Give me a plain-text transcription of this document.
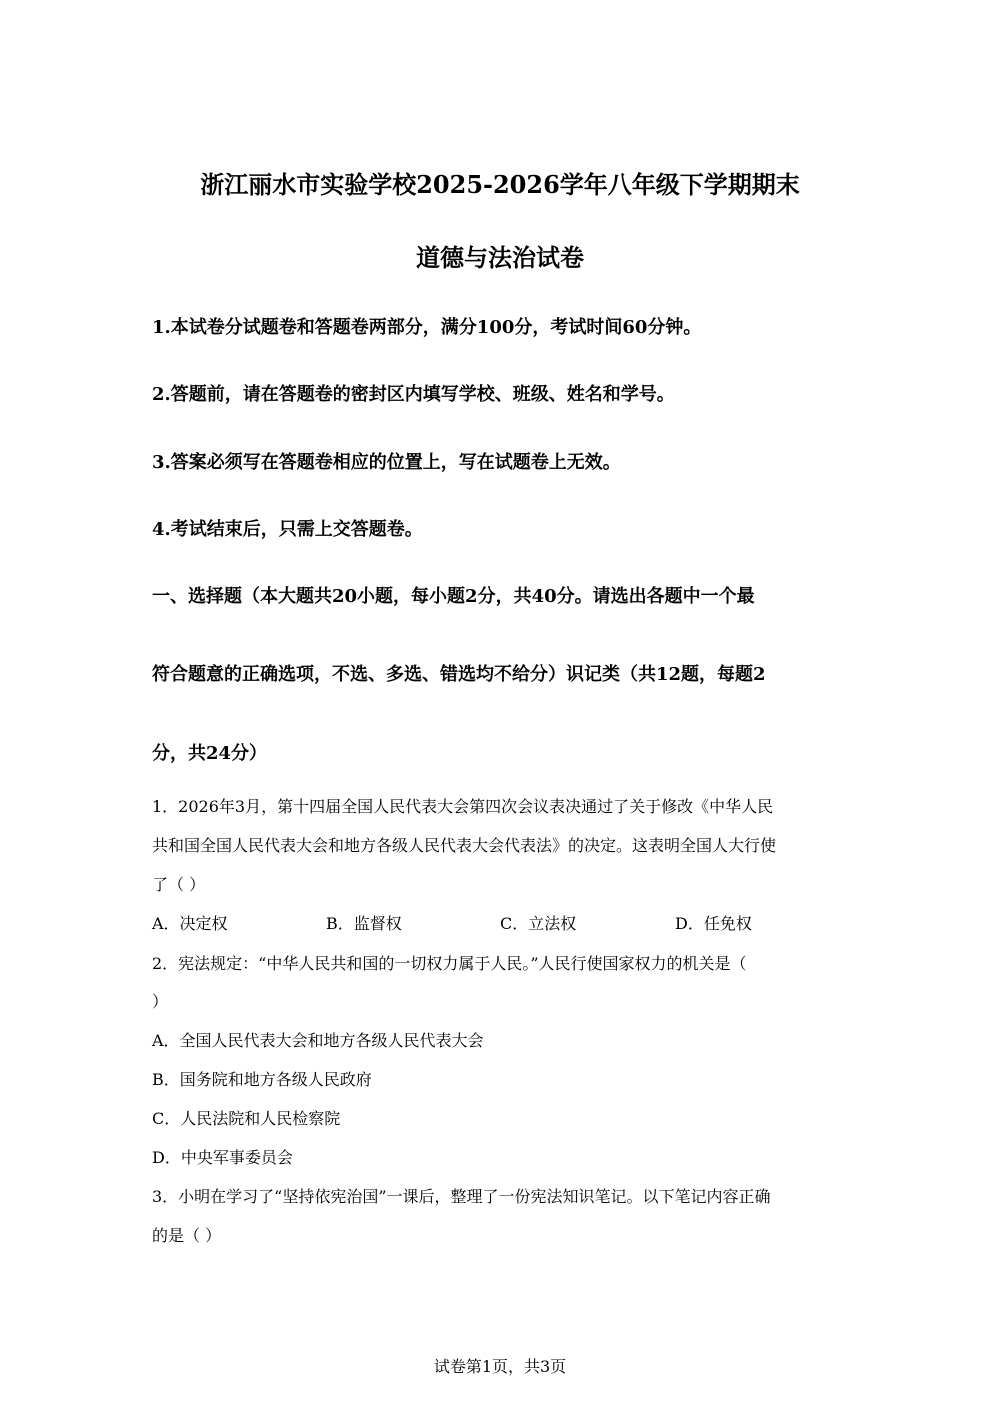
浙江丽水市实验学校2025-2026学年八年级下学期期末
道德与法治试卷
1.本试卷分试题卷和答题卷两部分，满分100分，考试时间60分钟。
2.答题前，请在答题卷的密封区内填写学校、班级、姓名和学号。
3.答案必须写在答题卷相应的位置上，写在试题卷上无效。
4.考试结束后，只需上交答题卷。
一、选择题（本大题共20小题，每小题2分，共40分。请选出各题中一个最
符合题意的正确选项，不选、多选、错选均不给分）识记类（共12题，每题2
分，共24分）
1．2026年3月，第十四届全国人民代表大会第四次会议表决通过了关于修改《中华人民
共和国全国人民代表大会和地方各级人民代表大会代表法》的决定。这表明全国人大行使
了（ ）
A．决定权	B．监督权	C．立法权	D．任免权
2．宪法规定：“中华人民共和国的一切权力属于人民。”人民行使国家权力的机关是（
）
A．全国人民代表大会和地方各级人民代表大会
B．国务院和地方各级人民政府
C．人民法院和人民检察院
D．中央军事委员会
3．小明在学习了“坚持依宪治国”一课后，整理了一份宪法知识笔记。以下笔记内容正确
的是（ ）
试卷第1页，共3页
